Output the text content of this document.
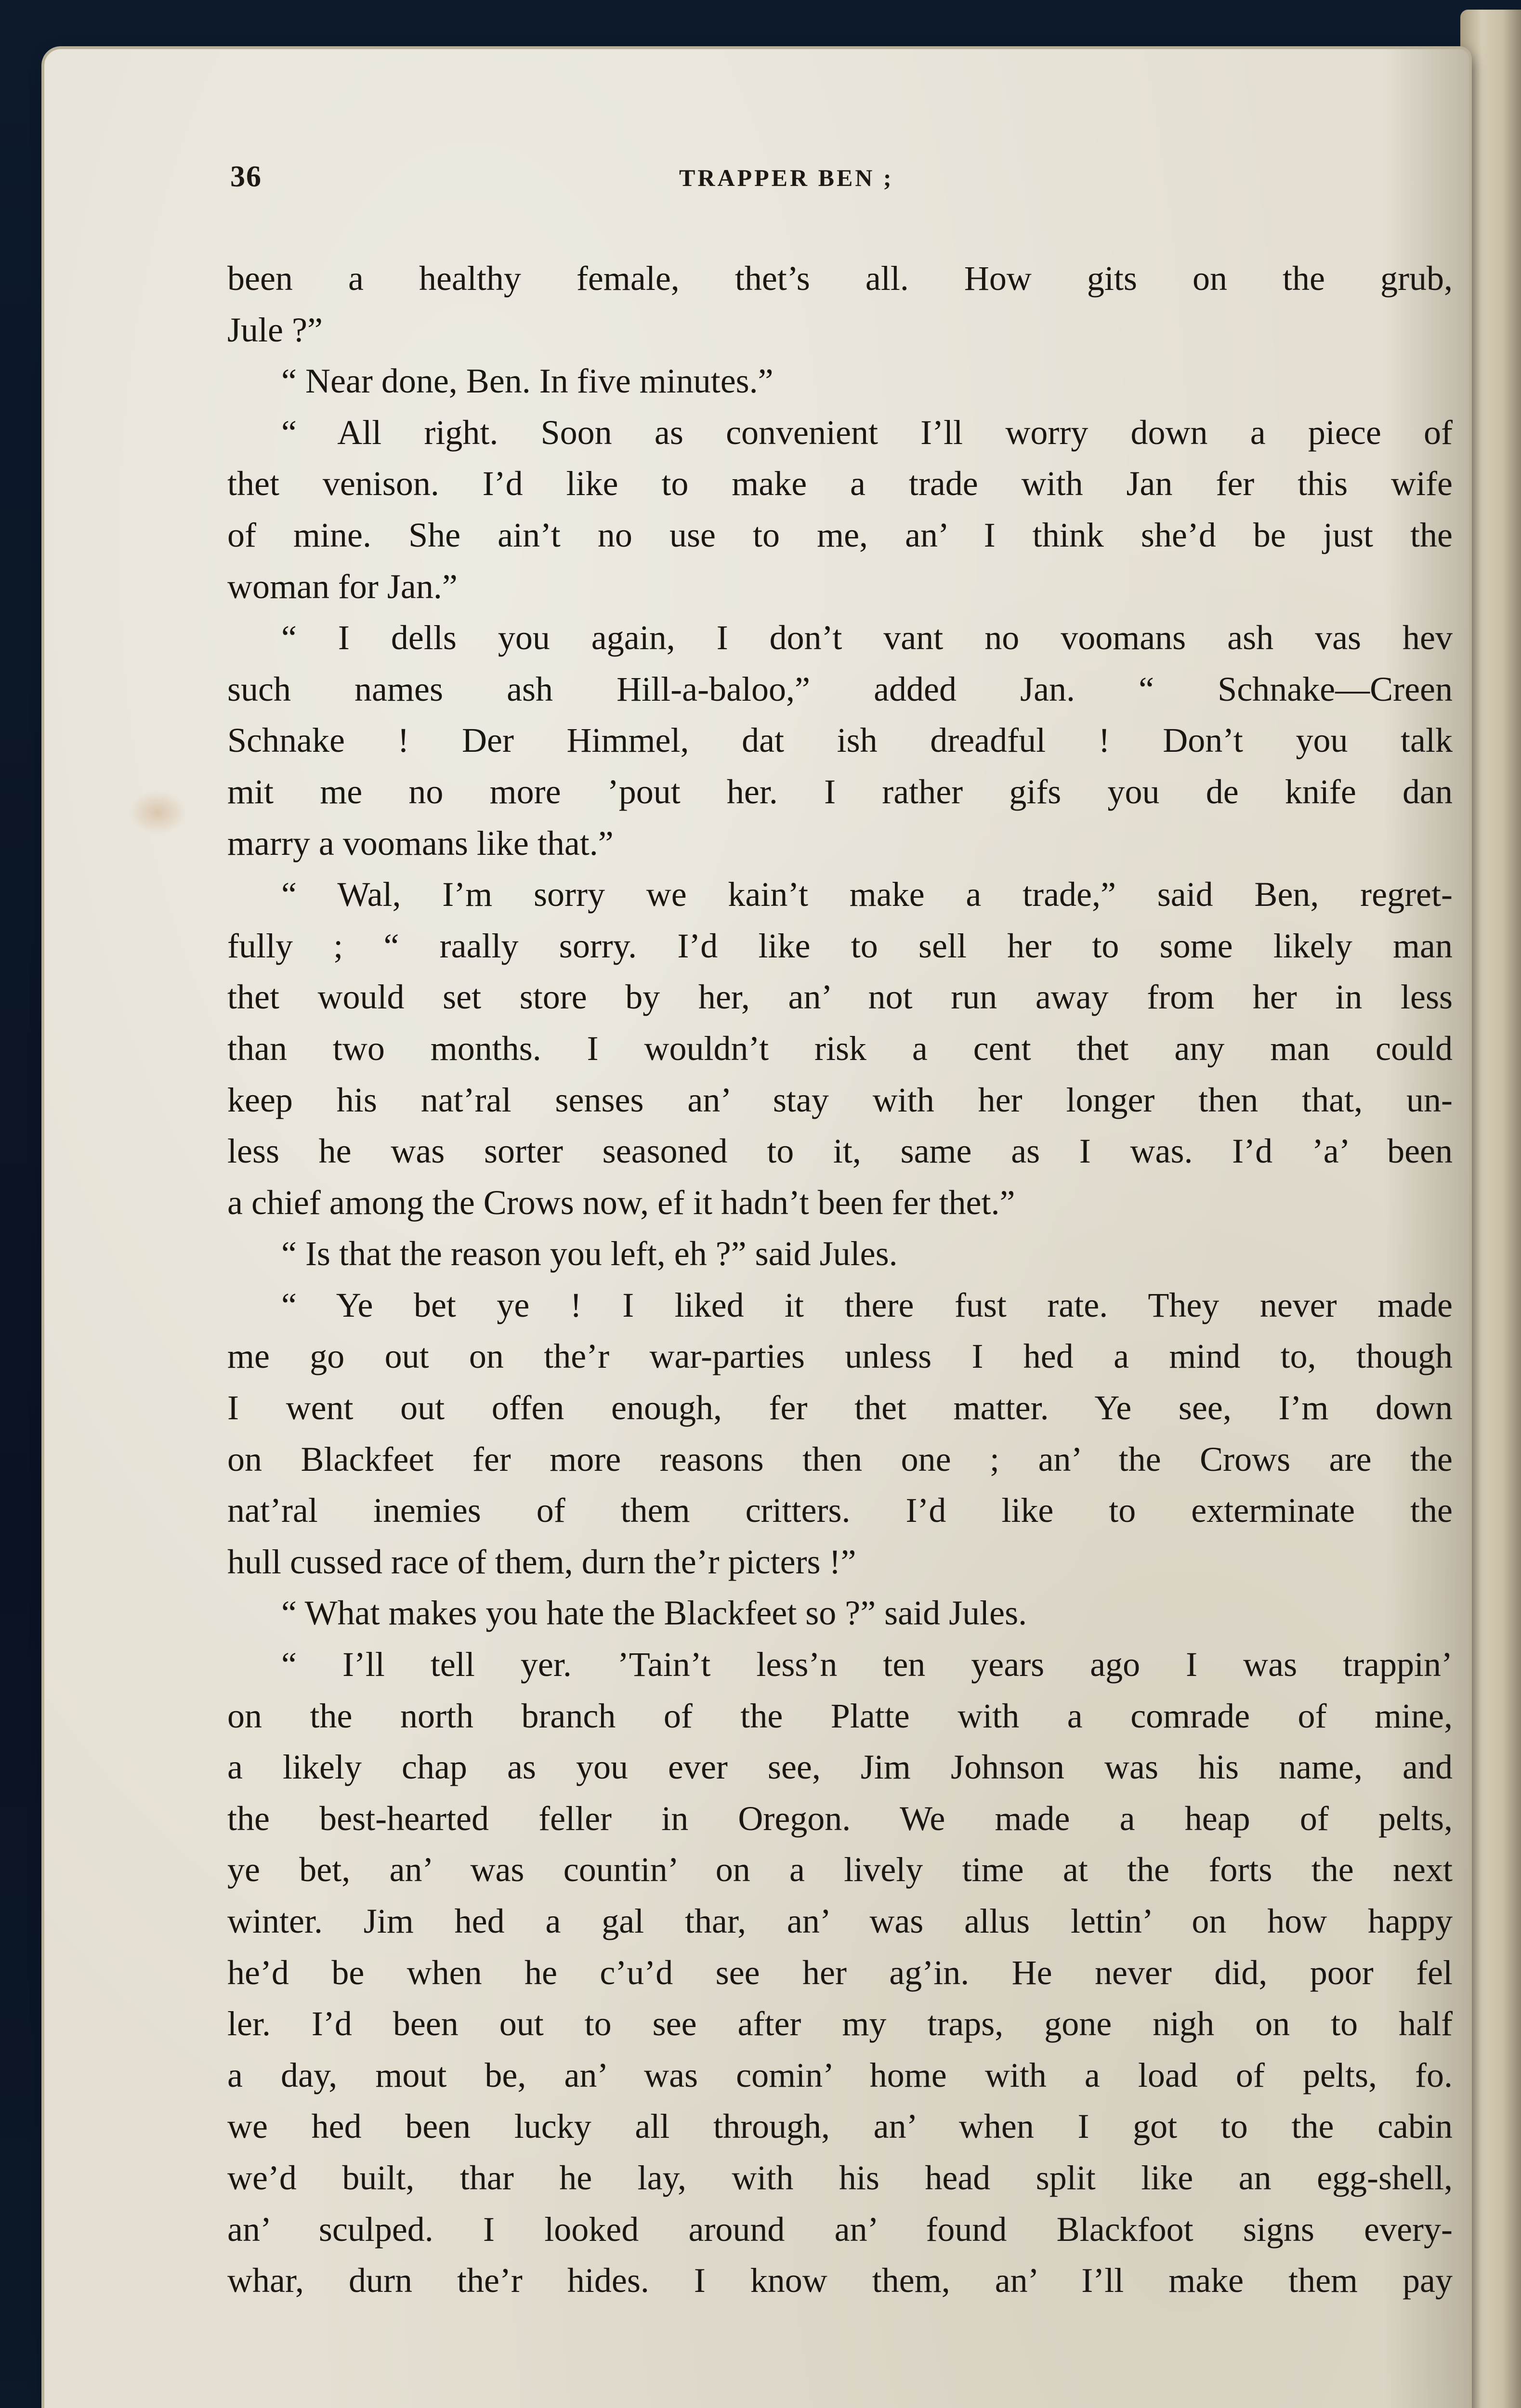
36	TRAPPER BEN ;
been a healthy female, thet’s all. How gits on the grub,
Jule ?”
“ Near done, Ben. In five minutes.”
“ All right. Soon as convenient I’ll worry down a piece of
thet venison. I’d like to make a trade with Jan fer this wife
of mine. She ain’t no use to me, an’ I think she’d be just the
woman for Jan.”
“ I dells you again, I don’t vant no voomans ash vas hev
such names ash Hill-a-baloo,” added Jan. “ Schnake—Creen
Schnake ! Der Himmel, dat ish dreadful ! Don’t you talk
mit me no more ’pout her. I rather gifs you de knife dan
marry a voomans like that.”
“ Wal, I’m sorry we kain’t make a trade,” said Ben, regret-
fully ; “ raally sorry. I’d like to sell her to some likely man
thet would set store by her, an’ not run away from her in less
than two months. I wouldn’t risk a cent thet any man could
keep his nat’ral senses an’ stay with her longer then that, un-
less he was sorter seasoned to it, same as I was. I’d ’a’ been
a chief among the Crows now, ef it hadn’t been fer thet.”
“ Is that the reason you left, eh ?” said Jules.
“ Ye bet ye ! I liked it there fust rate. They never made
me go out on the’r war-parties unless I hed a mind to, though
I went out offen enough, fer thet matter. Ye see, I’m down
on Blackfeet fer more reasons then one ; an’ the Crows are the
nat’ral inemies of them critters. I’d like to exterminate the
hull cussed race of them, durn the’r picters !”
“ What makes you hate the Blackfeet so ?” said Jules.
“ I’ll tell yer. ’Tain’t less’n ten years ago I was trappin’
on the north branch of the Platte with a comrade of mine,
a likely chap as you ever see, Jim Johnson was his name, and
the best-hearted feller in Oregon. We made a heap of pelts,
ye bet, an’ was countin’ on a lively time at the forts the next
winter. Jim hed a gal thar, an’ was allus lettin’ on how happy
he’d be when he c’u’d see her ag’in. He never did, poor fel
ler. I’d been out to see after my traps, gone nigh on to half
a day, mout be, an’ was comin’ home with a load of pelts, fo.
we hed been lucky all through, an’ when I got to the cabin
we’d built, thar he lay, with his head split like an egg-shell,
an’ sculped. I looked around an’ found Blackfoot signs every-
whar, durn the’r hides. I know them, an’ I’ll make them pay
